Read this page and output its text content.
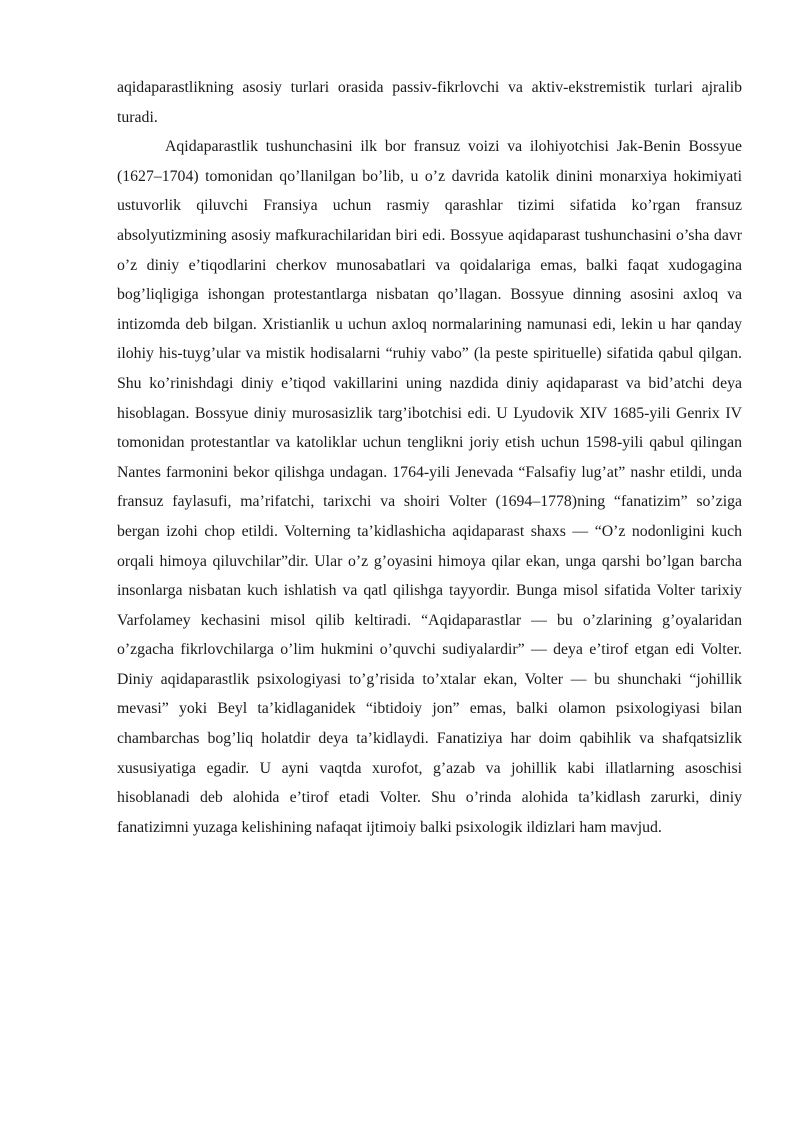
aqidaparastlikning asosiy turlari orasida passiv-fikrlovchi va aktiv-ekstremistik turlari ajralib turadi.

Aqidaparastlik tushunchasini ilk bor fransuz voizi va ilohiyotchisi Jak-Benin Bossyue (1627–1704) tomonidan qo’llanilgan bo’lib, u o’z davrida katolik dinini monarxiya hokimiyati ustuvorlik qiluvchi Fransiya uchun rasmiy qarashlar tizimi sifatida ko’rgan fransuz absolyutizmining asosiy mafkurachilaridan biri edi. Bossyue aqidaparast tushunchasini o’sha davr o’z diniy e’tiqodlarini cherkov munosabatlari va qoidalariga emas, balki faqat xudogagina bog’liqligiga ishongan protestantlarga nisbatan qo’llagan. Bossyue dinning asosini axloq va intizomda deb bilgan. Xristianlik u uchun axloq normalarining namunasi edi, lekin u har qanday ilohiy his-tuyg’ular va mistik hodisalarni “ruhiy vabo” (la peste spirituelle) sifatida qabul qilgan. Shu ko’rinishdagi diniy e’tiqod vakillarini uning nazdida diniy aqidaparast va bid’atchi deya hisoblagan. Bossyue diniy murosasizlik targ’ibotchisi edi. U Lyudovik XIV 1685-yili Genrix IV tomonidan protestantlar va katoliklar uchun tenglikni joriy etish uchun 1598-yili qabul qilingan Nantes farmonini bekor qilishga undagan. 1764-yili Jenevada “Falsafiy lug’at” nashr etildi, unda fransuz faylasufi, ma’rifatchi, tarixchi va shoiri Volter (1694–1778)ning “fanatizim” so’ziga bergan izohi chop etildi. Volterning ta’kidlashicha aqidaparast shaxs — “O’z nodonligini kuch orqali himoya qiluvchilar”dir. Ular o’z g’oyasini himoya qilar ekan, unga qarshi bo’lgan barcha insonlarga nisbatan kuch ishlatish va qatl qilishga tayyordir. Bunga misol sifatida Volter tarixiy Varfolamey kechasini misol qilib keltiradi. “Aqidaparastlar — bu o’zlarining g’oyalaridan o’zgacha fikrlovchilarga o’lim hukmini o’quvchi sudiyalardir” — deya e’tirof etgan edi Volter. Diniy aqidaparastlik psixologiyasi to’g’risida to’xtalar ekan, Volter — bu shunchaki “johillik mevasi” yoki Beyl ta’kidlaganidek “ibtidoiy jon” emas, balki olamon psixologiyasi bilan chambarchas bog’liq holatdir deya ta’kidlaydi. Fanatiziya har doim qabihlik va shafqatsizlik xususiyatiga egadir. U ayni vaqtda xurofot, g’azab va johillik kabi illatlarning asoschisi hisoblanadi deb alohida e’tirof etadi Volter. Shu o’rinda alohida ta’kidlash zarurki, diniy fanatizimni yuzaga kelishining nafaqat ijtimoiy balki psixologik ildizlari ham mavjud.
